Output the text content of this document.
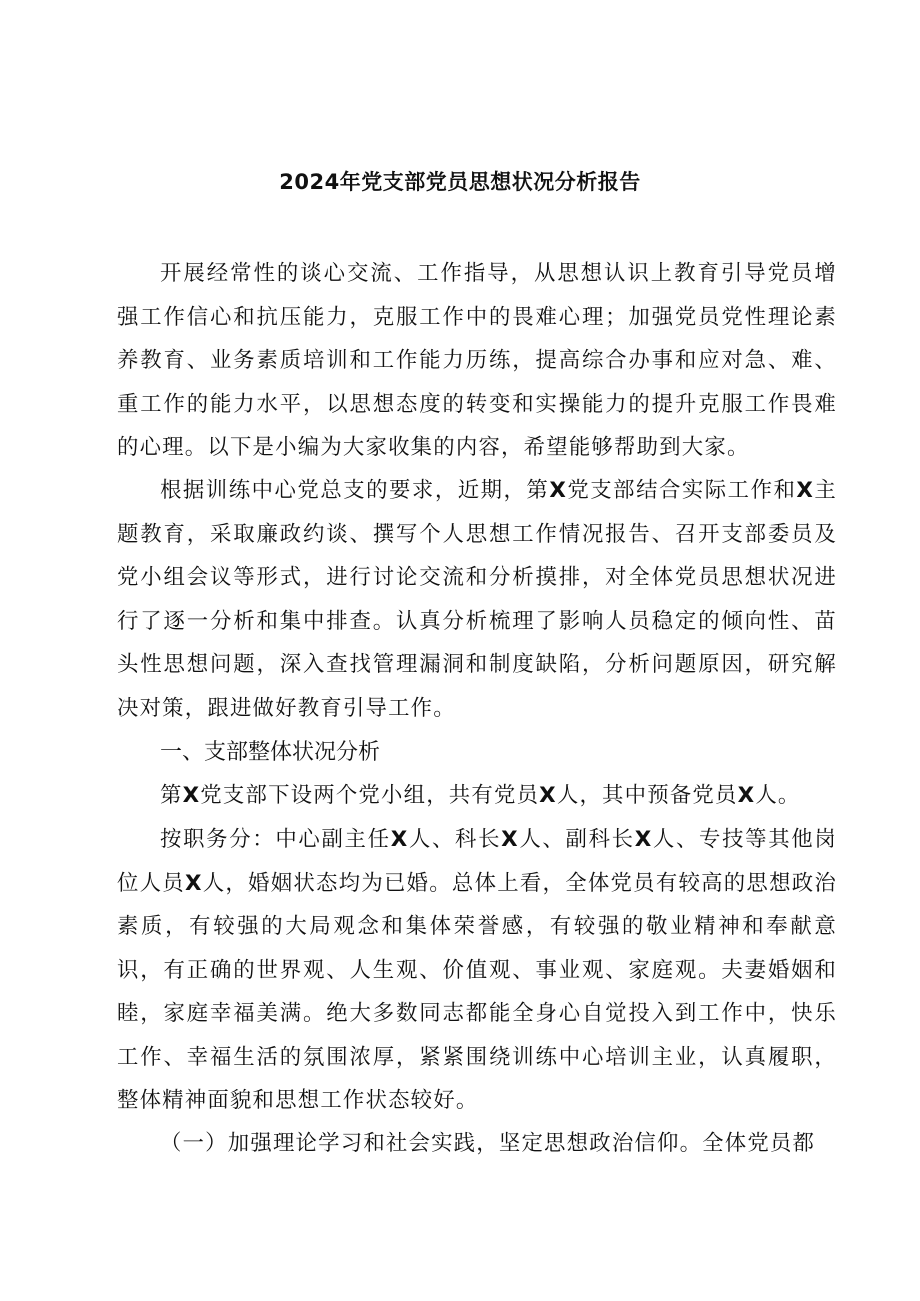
2024年党支部党员思想状况分析报告

开展经常性的谈心交流、工作指导，从思想认识上教育引导党员增强工作信心和抗压能力，克服工作中的畏难心理；加强党员党性理论素养教育、业务素质培训和工作能力历练，提高综合办事和应对急、难、重工作的能力水平，以思想态度的转变和实操能力的提升克服工作畏难的心理。以下是小编为大家收集的内容，希望能够帮助到大家。

根据训练中心党总支的要求，近期，第X党支部结合实际工作和X主题教育，采取廉政约谈、撰写个人思想工作情况报告、召开支部委员及党小组会议等形式，进行讨论交流和分析摸排，对全体党员思想状况进行了逐一分析和集中排查。认真分析梳理了影响人员稳定的倾向性、苗头性思想问题，深入查找管理漏洞和制度缺陷，分析问题原因，研究解决对策，跟进做好教育引导工作。

一、支部整体状况分析

第X党支部下设两个党小组，共有党员X人，其中预备党员X人。

按职务分：中心副主任X人、科长X人、副科长X人、专技等其他岗位人员X人，婚姻状态均为已婚。总体上看，全体党员有较高的思想政治素质，有较强的大局观念和集体荣誉感，有较强的敬业精神和奉献意识，有正确的世界观、人生观、价值观、事业观、家庭观。夫妻婚姻和睦，家庭幸福美满。绝大多数同志都能全身心自觉投入到工作中，快乐工作、幸福生活的氛围浓厚，紧紧围绕训练中心培训主业，认真履职，整体精神面貌和思想工作状态较好。

（一）加强理论学习和社会实践，坚定思想政治信仰。全体党员都
